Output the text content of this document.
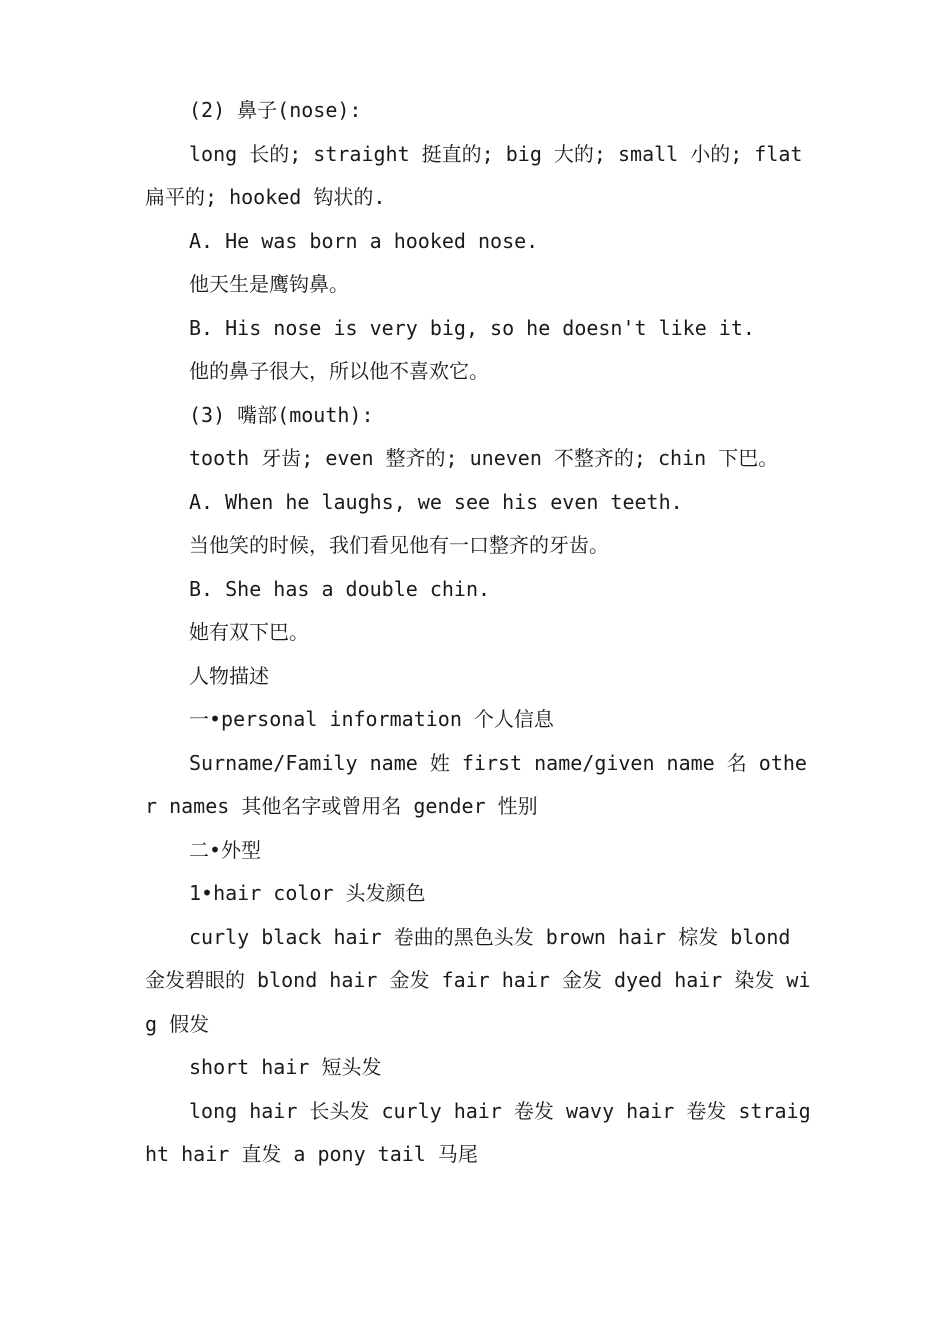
(2) 鼻子(nose):

long 长的; straight 挺直的; big 大的; small 小的; flat 扁平的; hooked 钩状的.

A. He was born a hooked nose.

他天生是鹰钩鼻。

B. His nose is very big, so he doesn't like it.

他的鼻子很大，所以他不喜欢它。

(3) 嘴部(mouth):

tooth 牙齿; even 整齐的; uneven 不整齐的; chin 下巴。

A. When he laughs, we see his even teeth.

当他笑的时候，我们看见他有一口整齐的牙齿。

B. She has a double chin.

她有双下巴。

人物描述

一•personal information 个人信息

Surname/Family name 姓 first name/given name 名 other names 其他名字或曾用名 gender 性别

二•外型

1•hair color 头发颜色

curly black hair 卷曲的黑色头发 brown hair 棕发 blond 金发碧眼的 blond hair 金发 fair hair 金发 dyed hair 染发 wig 假发

short hair 短头发

long hair 长头发 curly hair 卷发 wavy hair 卷发 straight hair 直发 a pony tail 马尾
